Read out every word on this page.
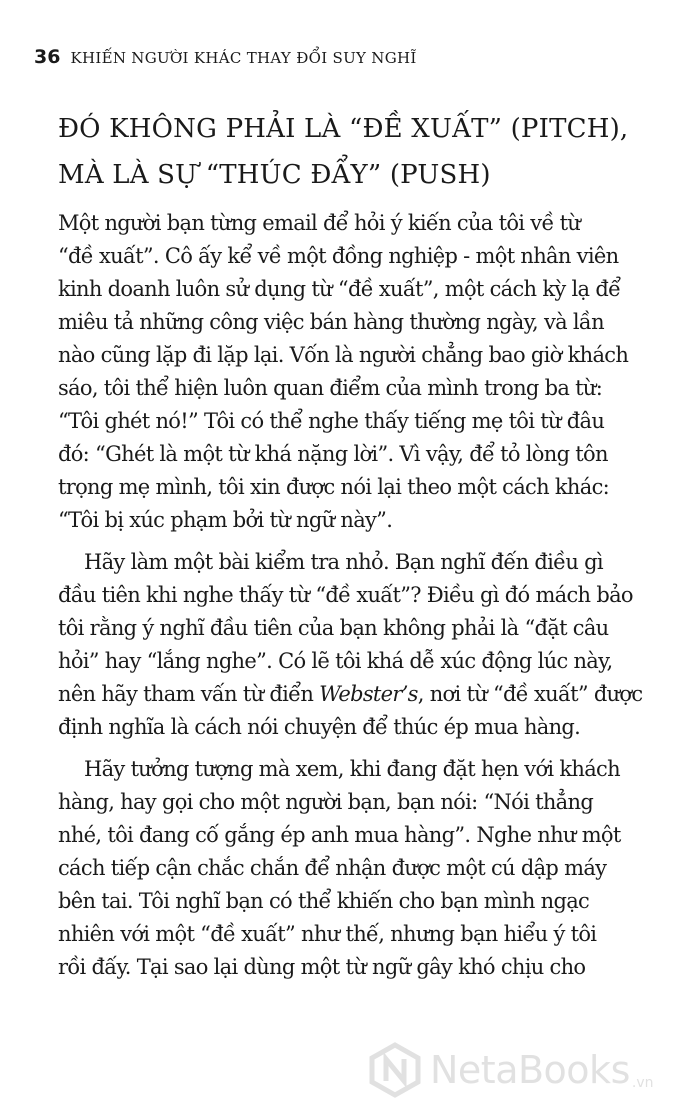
36 KHIẾN NGƯỜI KHÁC THAY ĐỔI SUY NGHĨ
ĐÓ KHÔNG PHẢI LÀ “ĐỀ XUẤT” (PITCH),
MÀ LÀ SỰ “THÚC ĐẨY” (PUSH)

Một người bạn từng email để hỏi ý kiến của tôi về từ
“đề xuất”. Cô ấy kể về một đồng nghiệp - một nhân viên
kinh doanh luôn sử dụng từ “đề xuất”, một cách kỳ lạ để
miêu tả những công việc bán hàng thường ngày, và lần
nào cũng lặp đi lặp lại. Vốn là người chẳng bao giờ khách
sáo, tôi thể hiện luôn quan điểm của mình trong ba từ:
“Tôi ghét nó!” Tôi có thể nghe thấy tiếng mẹ tôi từ đâu
đó: “Ghét là một từ khá nặng lời”. Vì vậy, để tỏ lòng tôn
trọng mẹ mình, tôi xin được nói lại theo một cách khác:
“Tôi bị xúc phạm bởi từ ngữ này”.

Hãy làm một bài kiểm tra nhỏ. Bạn nghĩ đến điều gì
đầu tiên khi nghe thấy từ “đề xuất”? Điều gì đó mách bảo
tôi rằng ý nghĩ đầu tiên của bạn không phải là “đặt câu
hỏi” hay “lắng nghe”. Có lẽ tôi khá dễ xúc động lúc này,
nên hãy tham vấn từ điển Webster’s, nơi từ “đề xuất” được
định nghĩa là cách nói chuyện để thúc ép mua hàng.

Hãy tưởng tượng mà xem, khi đang đặt hẹn với khách
hàng, hay gọi cho một người bạn, bạn nói: “Nói thẳng
nhé, tôi đang cố gắng ép anh mua hàng”. Nghe như một
cách tiếp cận chắc chắn để nhận được một cú dập máy
bên tai. Tôi nghĩ bạn có thể khiến cho bạn mình ngạc
nhiên với một “đề xuất” như thế, nhưng bạn hiểu ý tôi
rồi đấy. Tại sao lại dùng một từ ngữ gây khó chịu cho

NetaBooks .vn
